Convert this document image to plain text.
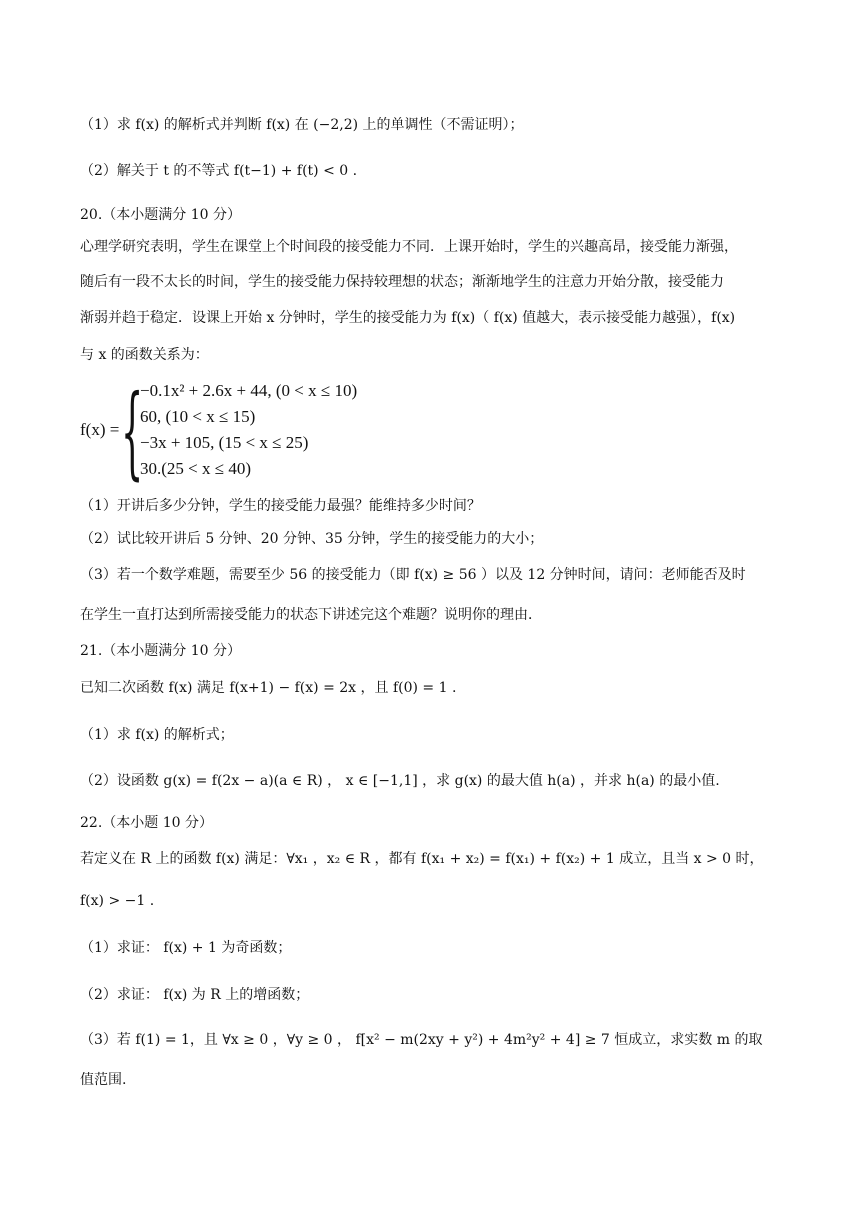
（1）求 f(x) 的解析式并判断 f(x) 在 (−2,2) 上的单调性（不需证明）；
（2）解关于 t 的不等式 f(t−1) + f(t) < 0 .
20.（本小题满分 10 分）
心理学研究表明，学生在课堂上个时间段的接受能力不同．上课开始时，学生的兴趣高昂，接受能力渐强，
随后有一段不太长的时间，学生的接受能力保持较理想的状态；渐渐地学生的注意力开始分散，接受能力
渐弱并趋于稳定．设课上开始 x 分钟时，学生的接受能力为 f(x)（ f(x) 值越大，表示接受能力越强），f(x)
与 x 的函数关系为：
f(x) = {
−0.1x² + 2.6x + 44, (0 < x ≤ 10)
60, (10 < x ≤ 15)
−3x + 105, (15 < x ≤ 25)
30.(25 < x ≤ 40)
（1）开讲后多少分钟，学生的接受能力最强？能维持多少时间？
（2）试比较开讲后 5 分钟、20 分钟、35 分钟，学生的接受能力的大小；
（3）若一个数学难题，需要至少 56 的接受能力（即 f(x) ≥ 56 ）以及 12 分钟时间，请问：老师能否及时
在学生一直打达到所需接受能力的状态下讲述完这个难题？说明你的理由．
21.（本小题满分 10 分）
已知二次函数 f(x) 满足 f(x+1) − f(x) = 2x ，且 f(0) = 1 .
（1）求 f(x) 的解析式；
（2）设函数 g(x) = f(2x − a)(a ∈ R) ， x ∈ [−1,1] ，求 g(x) 的最大值 h(a) ，并求 h(a) 的最小值.
22.（本小题 10 分）
若定义在 R 上的函数 f(x) 满足：∀x₁ ，x₂ ∈ R ，都有 f(x₁ + x₂) = f(x₁) + f(x₂) + 1 成立，且当 x > 0 时，
f(x) > −1 .
（1）求证： f(x) + 1 为奇函数；
（2）求证： f(x) 为 R 上的增函数；
（3）若 f(1) = 1，且 ∀x ≥ 0 ，∀y ≥ 0 ， f[x² − m(2xy + y²) + 4m²y² + 4] ≥ 7 恒成立，求实数 m 的取
值范围.
